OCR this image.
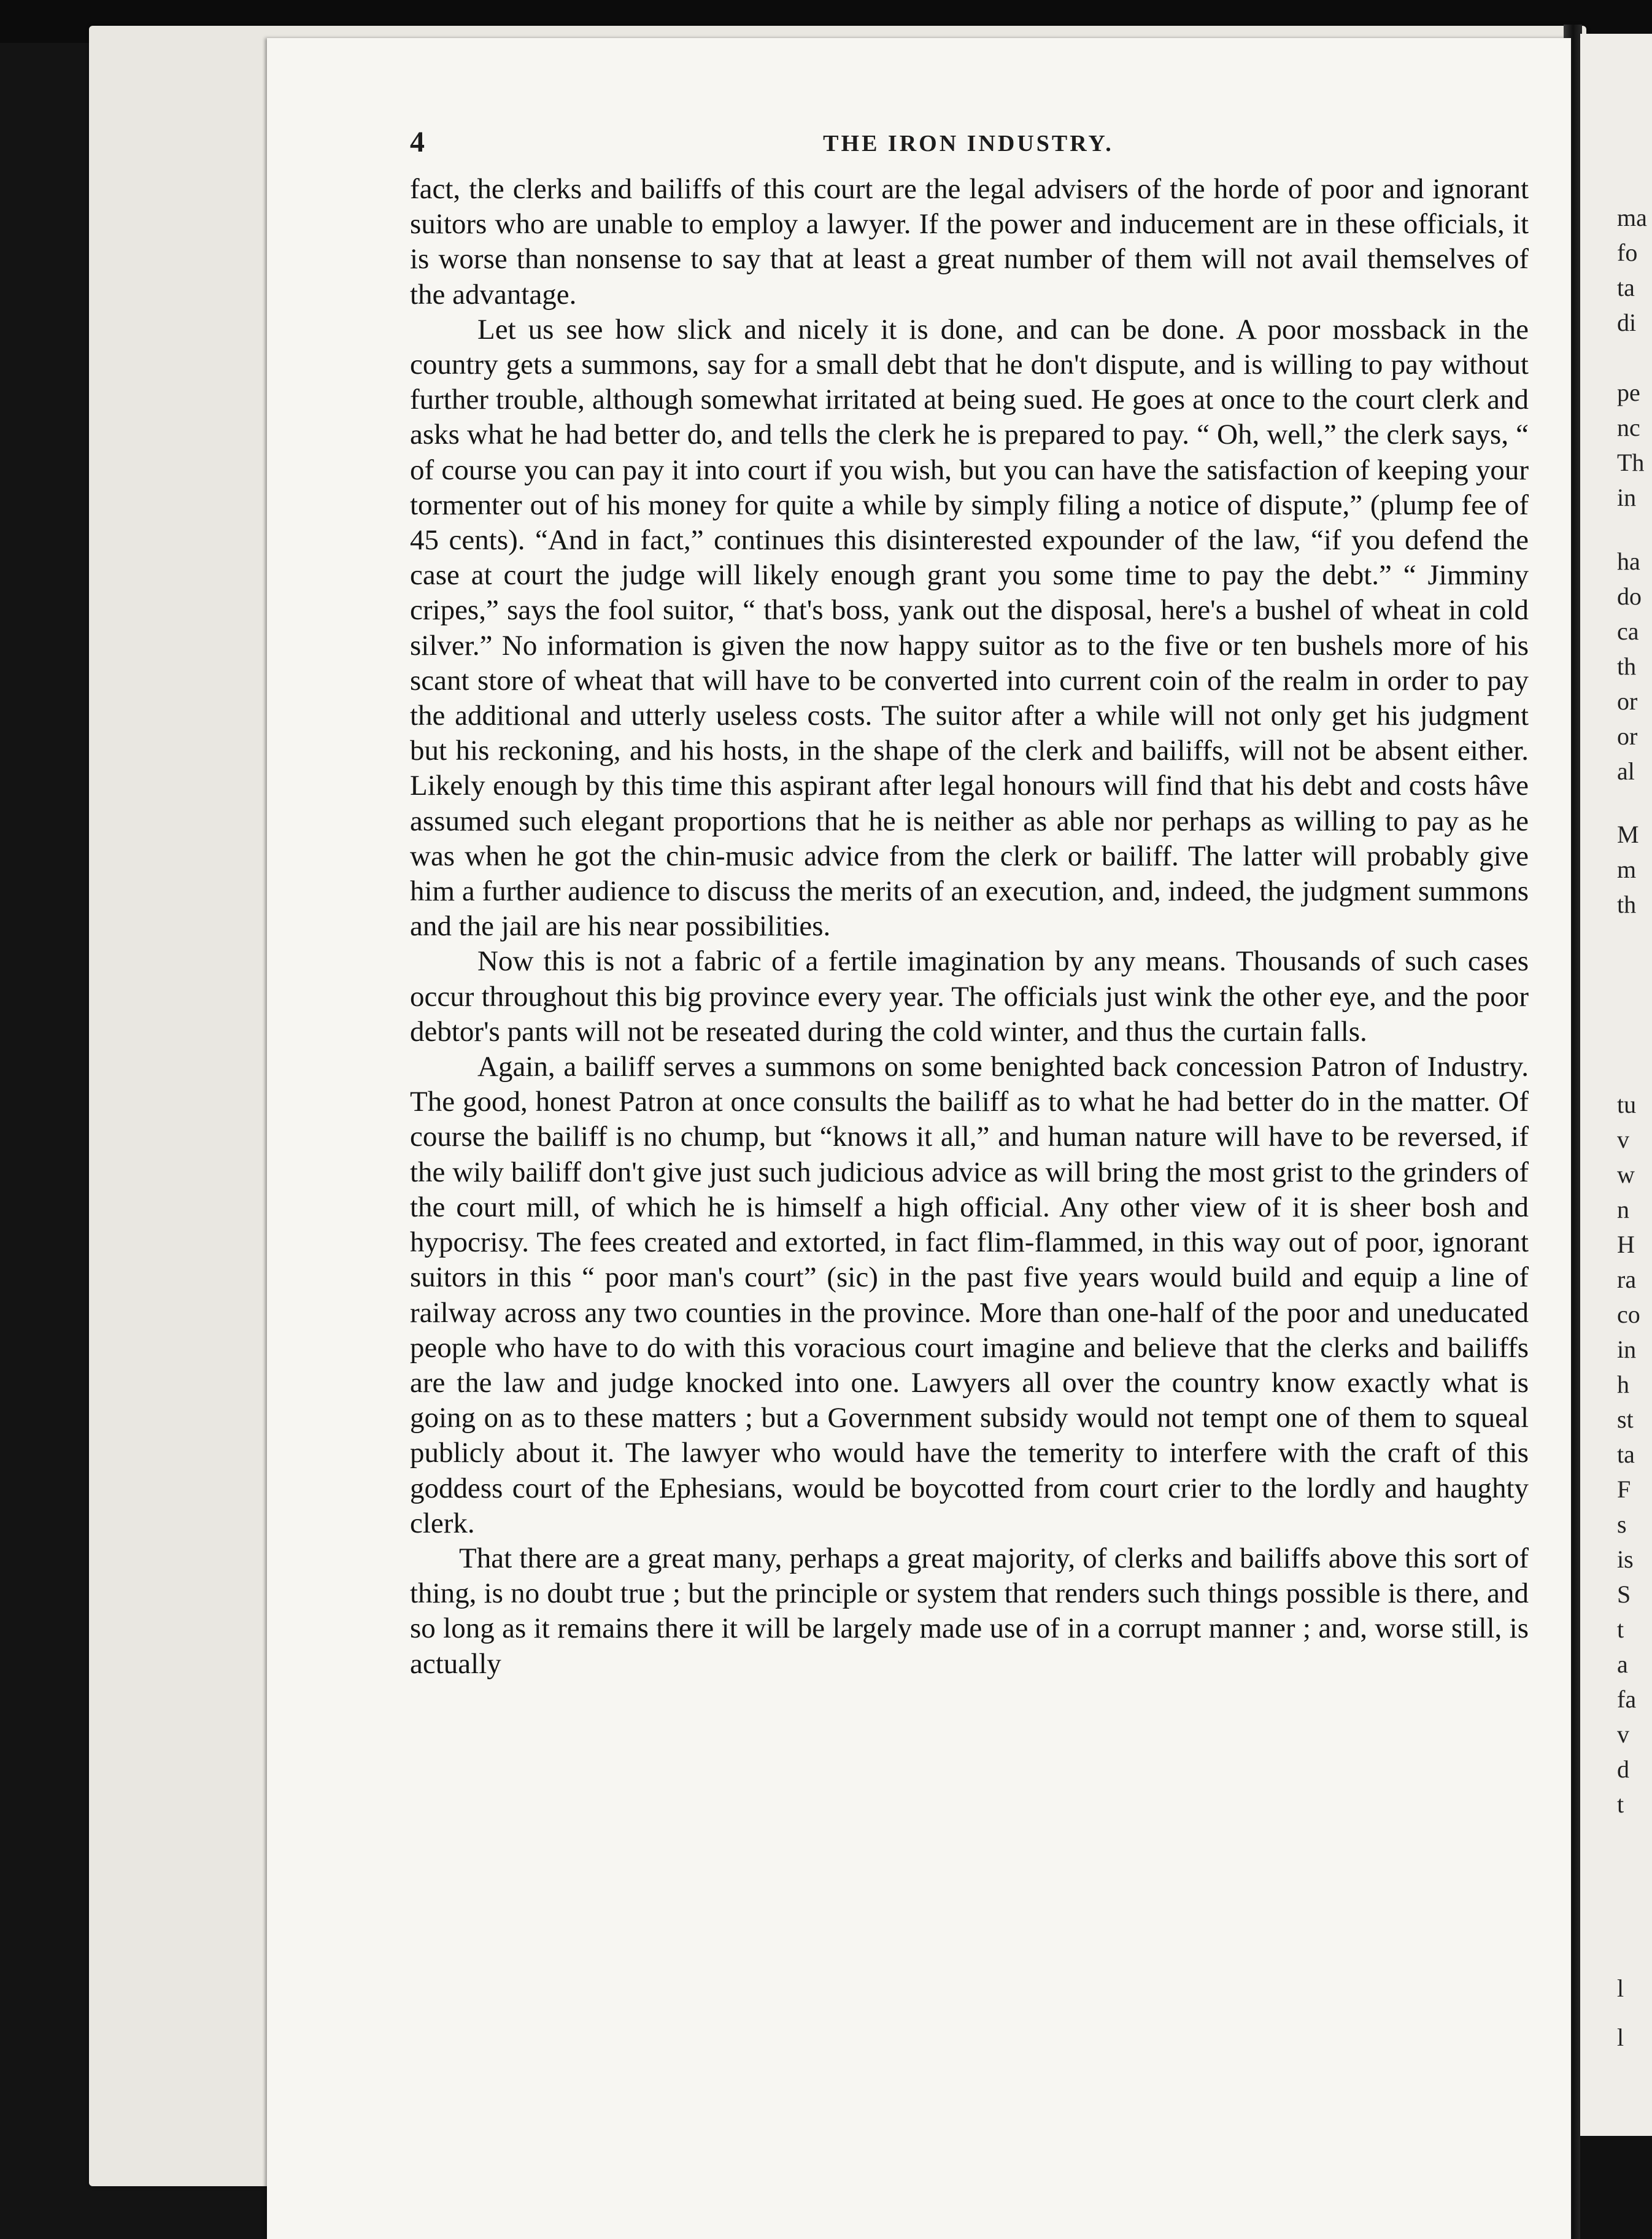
ma
fo
ta
di
pe
nc
Th
in
ha
do
ca
th
or
or
al
M
m
th
tu
v
w
n
H
ra
co
in
h
st
ta
F
s
is
S
t
a
fa
v
d
t
l
l
4	THE IRON INDUSTRY.

fact, the clerks and bailiffs of this court are the legal advisers of the horde of poor and ignorant suitors who are unable to employ a lawyer. If the power and inducement are in these officials, it is worse than nonsense to say that at least a great number of them will not avail themselves of the advantage.

Let us see how slick and nicely it is done, and can be done. A poor mossback in the country gets a summons, say for a small debt that he don't dispute, and is willing to pay without further trouble, although somewhat irritated at being sued. He goes at once to the court clerk and asks what he had better do, and tells the clerk he is prepared to pay. “ Oh, well,” the clerk says, “ of course you can pay it into court if you wish, but you can have the satisfaction of keeping your tormenter out of his money for quite a while by simply filing a notice of dispute,” (plump fee of 45 cents). “And in fact,” continues this disinterested expounder of the law, “if you defend the case at court the judge will likely enough grant you some time to pay the debt.” “ Jimminy cripes,” says the fool suitor, “ that's boss, yank out the disposal, here's a bushel of wheat in cold silver.” No information is given the now happy suitor as to the five or ten bushels more of his scant store of wheat that will have to be converted into current coin of the realm in order to pay the additional and utterly useless costs. The suitor after a while will not only get his judgment but his reckoning, and his hosts, in the shape of the clerk and bailiffs, will not be absent either. Likely enough by this time this aspirant after legal honours will find that his debt and costs hâve assumed such elegant proportions that he is neither as able nor perhaps as willing to pay as he was when he got the chin-music advice from the clerk or bailiff. The latter will probably give him a further audience to discuss the merits of an execution, and, indeed, the judgment summons and the jail are his near possibilities.

Now this is not a fabric of a fertile imagination by any means. Thousands of such cases occur throughout this big province every year. The officials just wink the other eye, and the poor debtor's pants will not be reseated during the cold winter, and thus the curtain falls.

Again, a bailiff serves a summons on some benighted back concession Patron of Industry. The good, honest Patron at once consults the bailiff as to what he had better do in the matter. Of course the bailiff is no chump, but “knows it all,” and human nature will have to be reversed, if the wily bailiff don't give just such judicious advice as will bring the most grist to the grinders of the court mill, of which he is himself a high official. Any other view of it is sheer bosh and hypocrisy. The fees created and extorted, in fact flim-flammed, in this way out of poor, ignorant suitors in this “ poor man's court” (sic) in the past five years would build and equip a line of railway across any two counties in the province. More than one-half of the poor and uneducated people who have to do with this voracious court imagine and believe that the clerks and bailiffs are the law and judge knocked into one. Lawyers all over the country know exactly what is going on as to these matters ; but a Government subsidy would not tempt one of them to squeal publicly about it. The lawyer who would have the temerity to interfere with the craft of this goddess court of the Ephesians, would be boycotted from court crier to the lordly and haughty clerk.

That there are a great many, perhaps a great majority, of clerks and bailiffs above this sort of thing, is no doubt true ; but the principle or system that renders such things possible is there, and so long as it remains there it will be largely made use of in a corrupt manner ; and, worse still, is actually
